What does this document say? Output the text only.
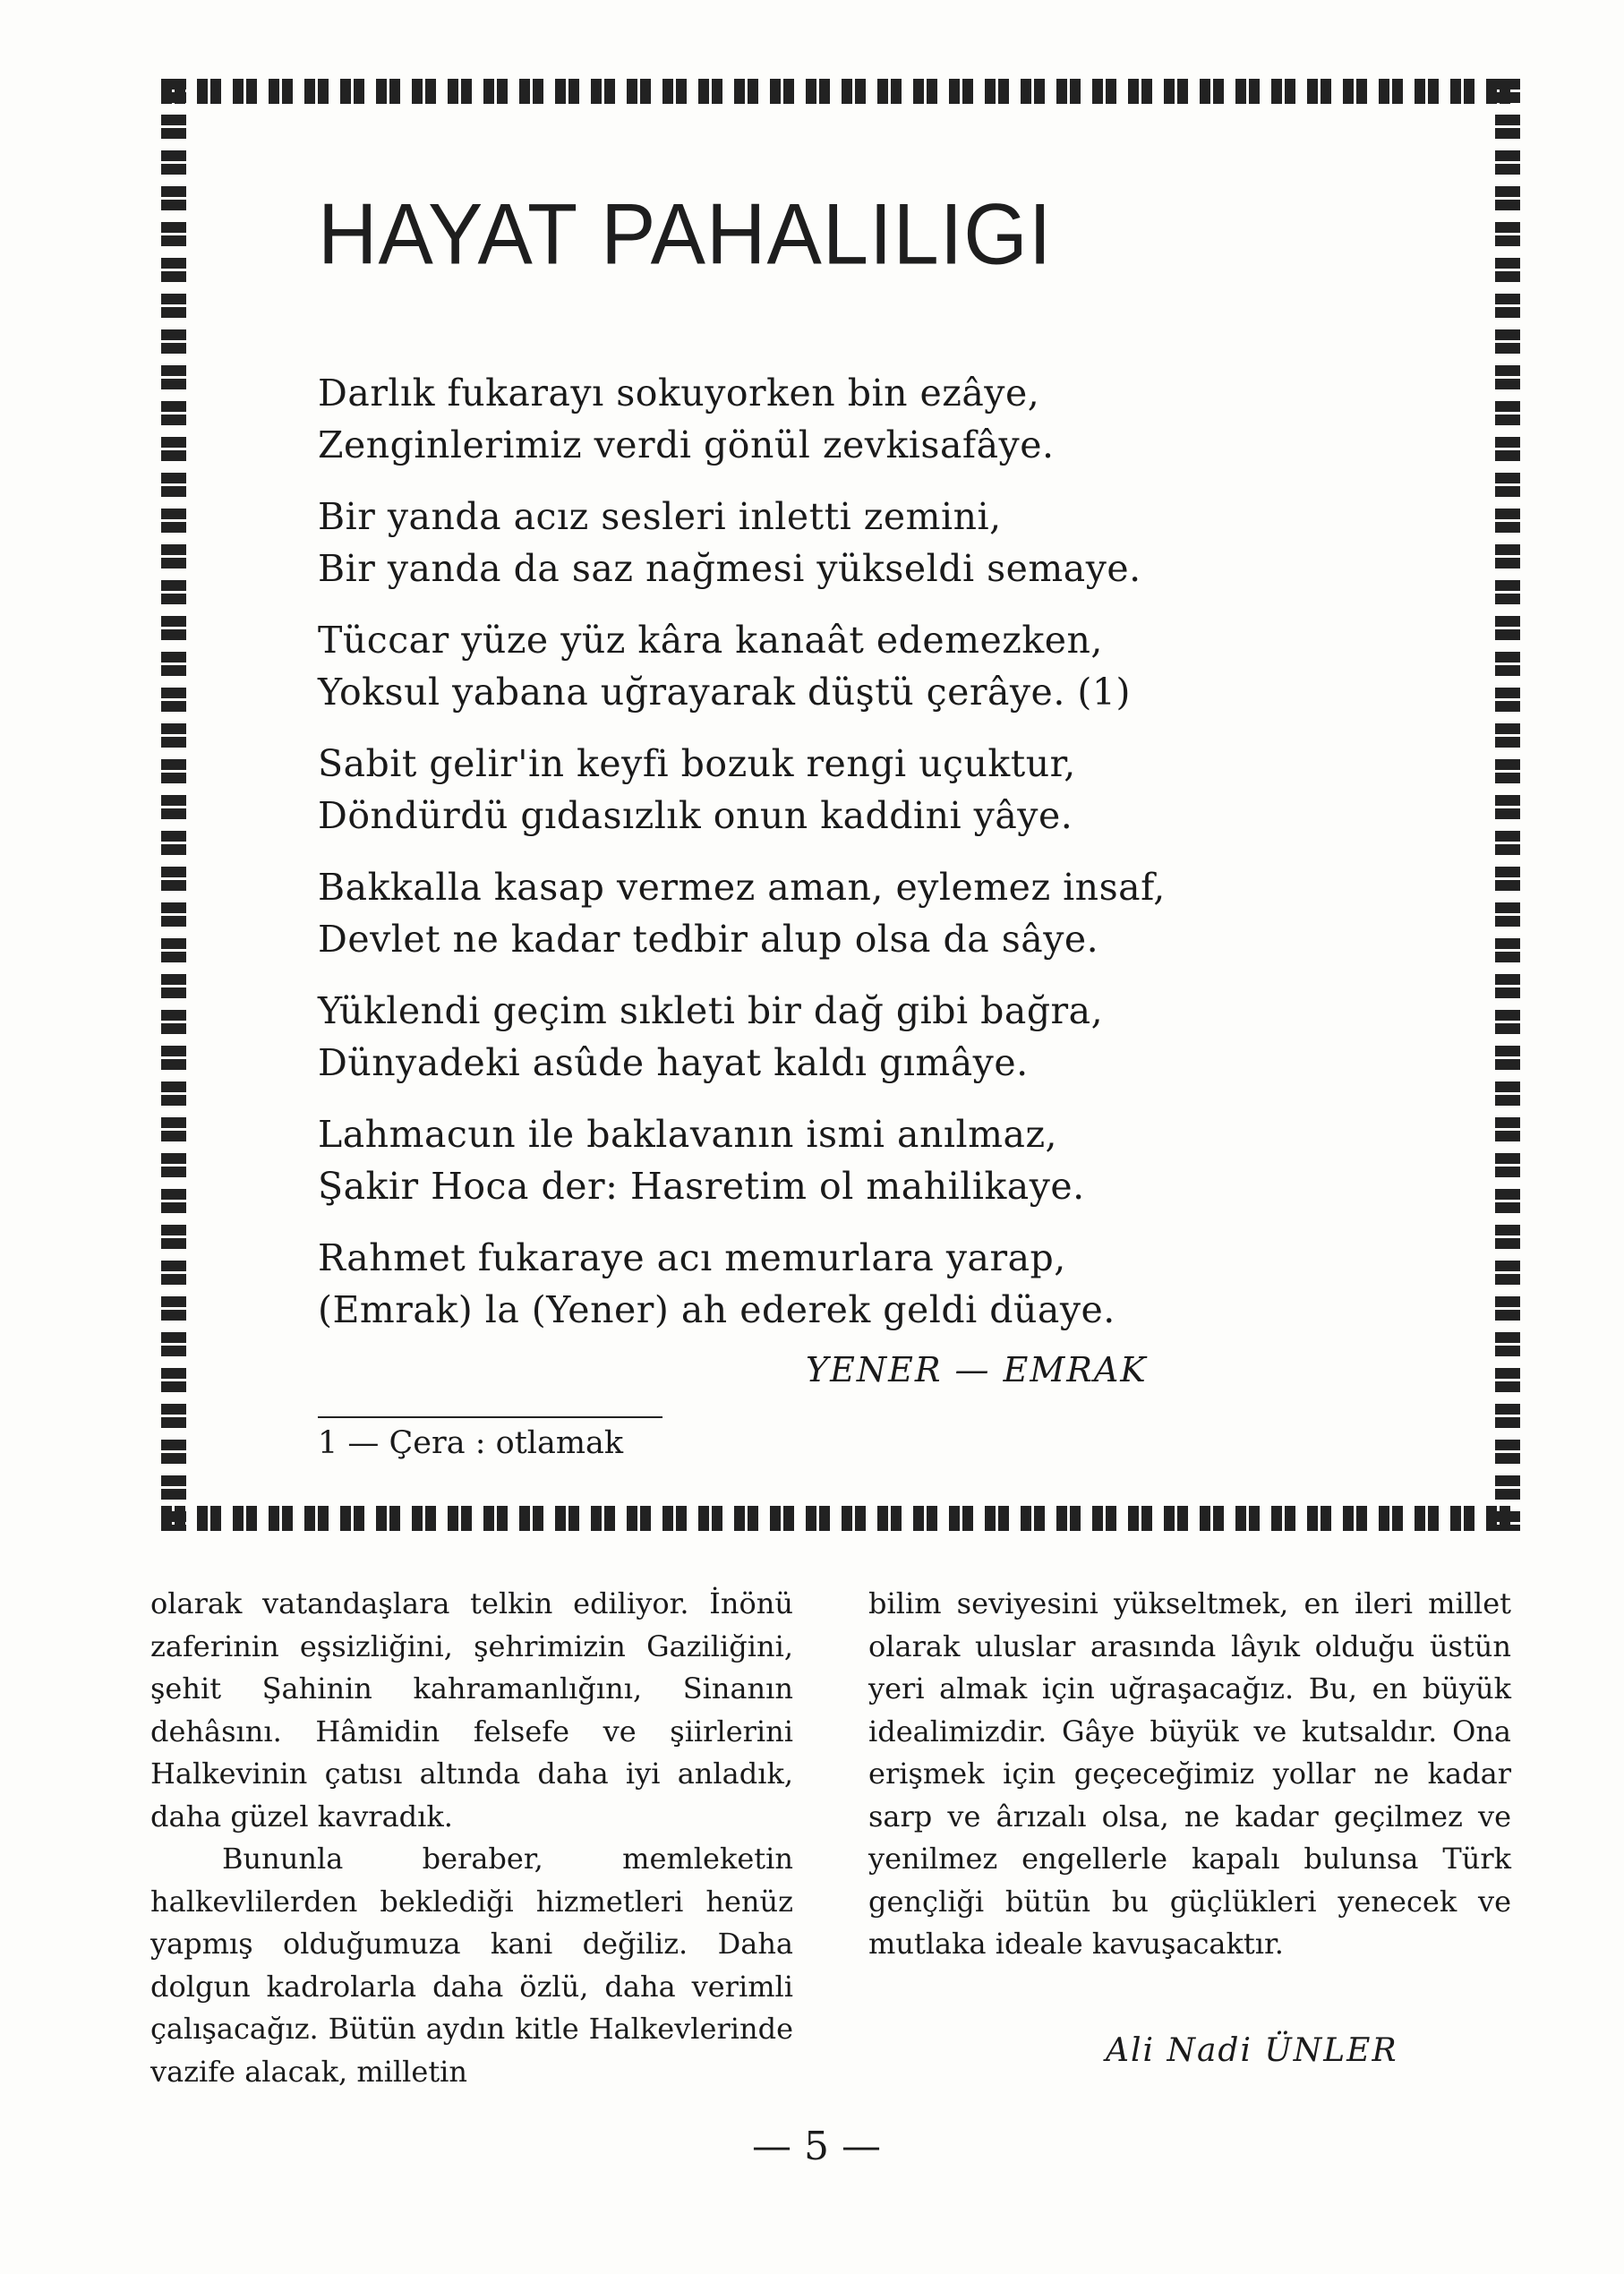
HAYAT PAHALILIGI
Darlık fukarayı sokuyorken bin ezâye,
Zenginlerimiz verdi gönül zevkisafâye.
Bir yanda acız sesleri inletti zemini,
Bir yanda da saz nağmesi yükseldi semaye.
Tüccar yüze yüz kâra kanaât edemezken,
Yoksul yabana uğrayarak düştü çerâye. (1)
Sabit gelir'in keyfi bozuk rengi uçuktur,
Döndürdü gıdasızlık onun kaddini yâye.
Bakkalla kasap vermez aman, eylemez insaf,
Devlet ne kadar tedbir alup olsa da sâye.
Yüklendi geçim sıkleti bir dağ gibi bağra,
Dünyadeki asûde hayat kaldı gımâye.
Lahmacun ile baklavanın ismi anılmaz,
Şakir Hoca der: Hasretim ol mahilikaye.
Rahmet fukaraye acı memurlara yarap,
(Emrak) la (Yener) ah ederek geldi düaye.

YENER — EMRAK

1 — Çera : otlamak

olarak vatandaşlara telkin ediliyor. İnönü zaferinin eşsizliğini, şehrimizin Gaziliğini, şehit Şahinin kahramanlığını, Sinanın dehâsını. Hâmidin felsefe ve şiirlerini Halkevinin çatısı altında daha iyi anladık, daha güzel kavradık.

Bununla beraber, memleketin halkevlilerden beklediği hizmetleri henüz yapmış olduğumuza kani değiliz. Daha dolgun kadrolarla daha özlü, daha verimli çalışacağız. Bütün aydın kitle Halkevlerinde vazife alacak, milletin

bilim seviyesini yükseltmek, en ileri millet olarak uluslar arasında lâyık olduğu üstün yeri almak için uğraşacağız. Bu, en büyük idealimizdir. Gâye büyük ve kutsaldır. Ona erişmek için geçeceğimiz yollar ne kadar sarp ve ârızalı olsa, ne kadar geçilmez ve yenilmez engellerle kapalı bulunsa Türk gençliği bütün bu güçlükleri yenecek ve mutlaka ideale kavuşacaktır.

Ali Nadi ÜNLER

— 5 —
